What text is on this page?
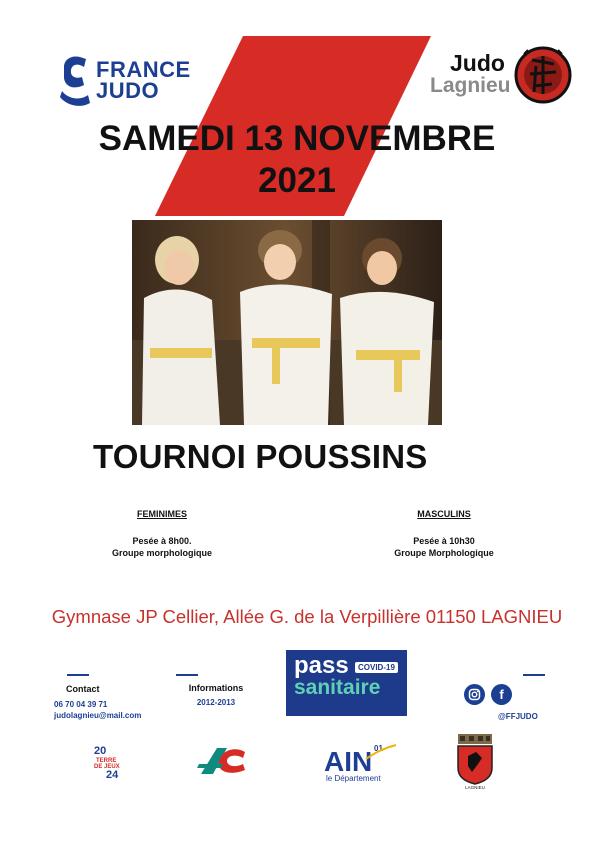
FRANCE
JUDO
Judo
Lagnieu
SAMEDI 13 NOVEMBRE
2021
TOURNOI POUSSINS
FEMINIMES
Pesée à 8h00.
Groupe morphologique
MASCULINS
Pesée à 10h30
Groupe Morphologique
Gymnase JP Cellier, Allée G. de la Verpillière 01150 LAGNIEU
Contact
06 70 04 39 71
judolagnieu@mail.com
Informations
2012-2013
pass	COVID-19
sanitaire	f
@FFJUDO
20
TERRE
DE JEUX
24	AIN 01
le Département
LAGNIEU
